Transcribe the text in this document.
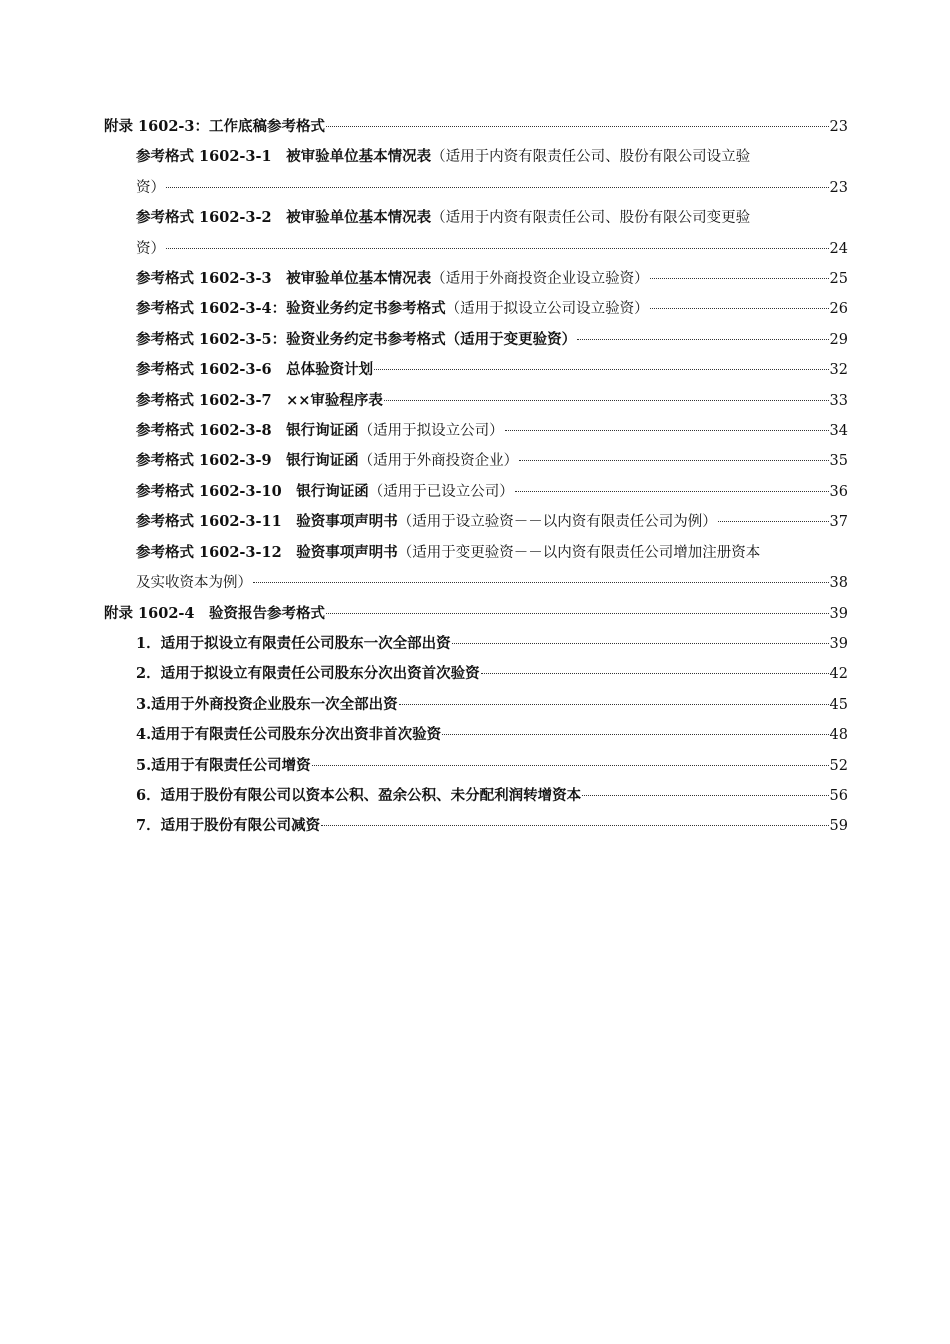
附录 1602-3：工作底稿参考格式	23
参考格式 1602-3-1　被审验单位基本情况表（适用于内资有限责任公司、股份有限公司设立验
资）	23
参考格式 1602-3-2　被审验单位基本情况表（适用于内资有限责任公司、股份有限公司变更验
资）	24
参考格式 1602-3-3　被审验单位基本情况表（适用于外商投资企业设立验资）	25
参考格式 1602-3-4：验资业务约定书参考格式（适用于拟设立公司设立验资）	26
参考格式 1602-3-5：验资业务约定书参考格式（适用于变更验资）	29
参考格式 1602-3-6　总体验资计划	32
参考格式 1602-3-7　××审验程序表	33
参考格式 1602-3-8　银行询证函（适用于拟设立公司）	34
参考格式 1602-3-9　银行询证函（适用于外商投资企业）	35
参考格式 1602-3-10　银行询证函（适用于已设立公司）	36
参考格式 1602-3-11　验资事项声明书（适用于设立验资－－以内资有限责任公司为例）	37
参考格式 1602-3-12　验资事项声明书（适用于变更验资－－以内资有限责任公司增加注册资本
及实收资本为例）	38
附录 1602-4　验资报告参考格式	39
1．适用于拟设立有限责任公司股东一次全部出资	39
2．适用于拟设立有限责任公司股东分次出资首次验资	42
3.适用于外商投资企业股东一次全部出资	45
4.适用于有限责任公司股东分次出资非首次验资	48
5.适用于有限责任公司增资	52
6．适用于股份有限公司以资本公积、盈余公积、未分配利润转增资本	56
7．适用于股份有限公司减资	59
